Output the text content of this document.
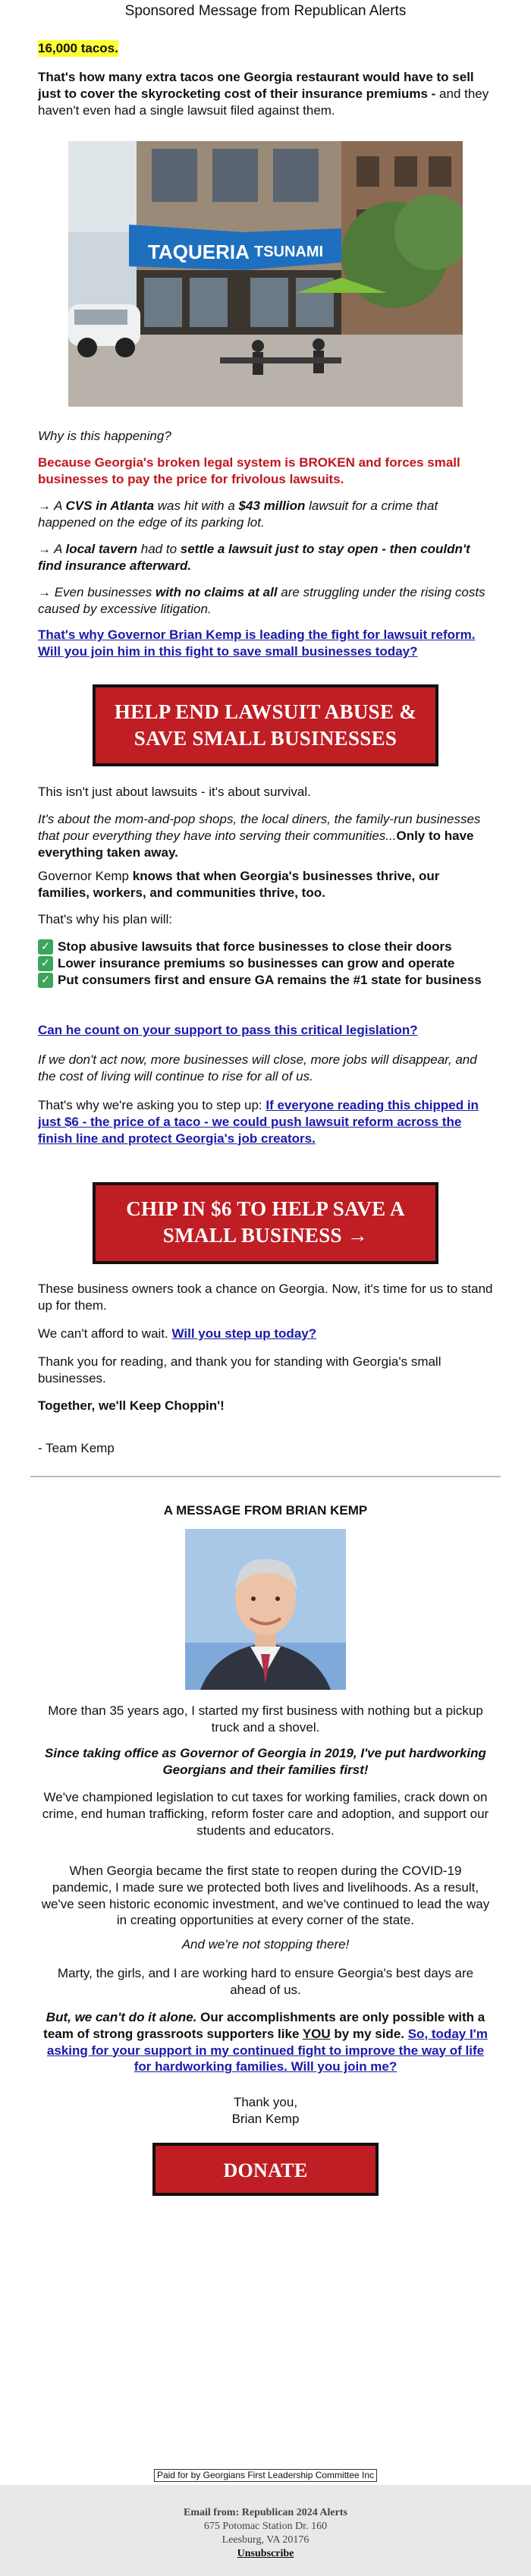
Sponsored Message from Republican Alerts
16,000 tacos.

That's how many extra tacos one Georgia restaurant would have to sell just to cover the skyrocketing cost of their insurance premiums - and they haven't even had a single lawsuit filed against them.

TAQUERIA TSUNAMI

Why is this happening?

Because Georgia's broken legal system is BROKEN and forces small businesses to pay the price for frivolous lawsuits.

→ A CVS in Atlanta was hit with a $43 million lawsuit for a crime that happened on the edge of its parking lot.
→ A local tavern had to settle a lawsuit just to stay open - then couldn't find insurance afterward.
→ Even businesses with no claims at all are struggling under the rising costs caused by excessive litigation.
That's why Governor Brian Kemp is leading the fight for lawsuit reform. Will you join him in this fight to save small businesses today?
HELP END LAWSUIT ABUSE & SAVE SMALL BUSINESSES

This isn't just about lawsuits - it's about survival.

It's about the mom-and-pop shops, the local diners, the family-run businesses that pour everything they have into serving their communities...Only to have everything taken away.
Governor Kemp knows that when Georgia's businesses thrive, our families, workers, and communities thrive, too.

That's why his plan will:

✓ Stop abusive lawsuits that force businesses to close their doors
✓ Lower insurance premiums so businesses can grow and operate
✓ Put consumers first and ensure GA remains the #1 state for business
Can he count on your support to pass this critical legislation?

If we don't act now, more businesses will close, more jobs will disappear, and the cost of living will continue to rise for all of us.

That's why we're asking you to step up: If everyone reading this chipped in just $6 - the price of a taco - we could push lawsuit reform across the finish line and protect Georgia's job creators.
CHIP IN $6 TO HELP SAVE A SMALL BUSINESS →

These business owners took a chance on Georgia. Now, it's time for us to stand up for them.

We can't afford to wait. Will you step up today?

Thank you for reading, and thank you for standing with Georgia's small businesses.

Together, we'll Keep Choppin'!

- Team Kemp

A MESSAGE FROM BRIAN KEMP

More than 35 years ago, I started my first business with nothing but a pickup truck and a shovel.

Since taking office as Governor of Georgia in 2019, I've put hardworking Georgians and their families first!

We've championed legislation to cut taxes for working families, crack down on crime, end human trafficking, reform foster care and adoption, and support our students and educators.

When Georgia became the first state to reopen during the COVID-19 pandemic, I made sure we protected both lives and livelihoods. As a result, we've seen historic economic investment, and we've continued to lead the way in creating opportunities at every corner of the state.

And we're not stopping there!

Marty, the girls, and I are working hard to ensure Georgia's best days are ahead of us.

But, we can't do it alone. Our accomplishments are only possible with a team of strong grassroots supporters like YOU by my side. So, today I'm asking for your support in my continued fight to improve the way of life for hardworking families. Will you join me?

Thank you,

Brian Kemp

DONATE
Paid for by Georgians First Leadership Committee Inc
Email from: Republican 2024 Alerts
675 Potomac Station Dr. 160
Leesburg, VA 20176
Unsubscribe
